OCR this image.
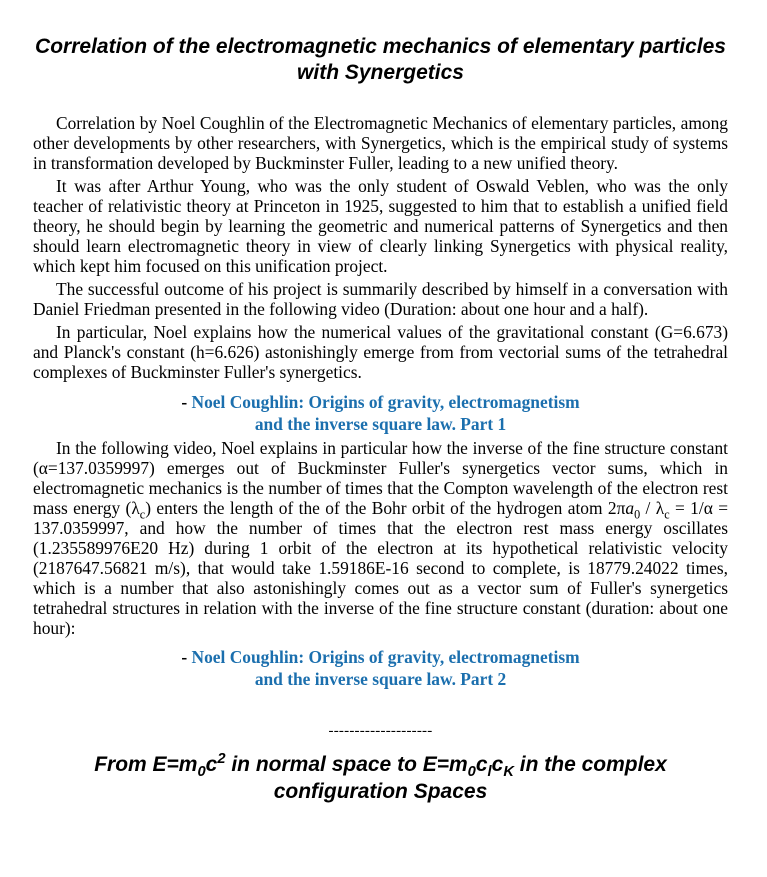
Correlation of the electromagnetic mechanics of elementary particles with Synergetics

Correlation by Noel Coughlin of the Electromagnetic Mechanics of elementary particles, among other developments by other researchers, with Synergetics, which is the empirical study of systems in transformation developed by Buckminster Fuller, leading to a new unified theory.

It was after Arthur Young, who was the only student of Oswald Veblen, who was the only teacher of relativistic theory at Princeton in 1925, suggested to him that to establish a unified field theory, he should begin by learning the geometric and numerical patterns of Synergetics and then should learn electromagnetic theory in view of clearly linking Synergetics with physical reality, which kept him focused on this unification project.

The successful outcome of his project is summarily described by himself in a conversation with Daniel Friedman presented in the following video (Duration: about one hour and a half).

In particular, Noel explains how the numerical values of the gravitational constant (G=6.673) and Planck's constant (h=6.626) astonishingly emerge from from vectorial sums of the tetrahedral complexes of Buckminster Fuller's synergetics.

- Noel Coughlin: Origins of gravity, electromagnetism
and the inverse square law. Part 1

In the following video, Noel explains in particular how the inverse of the fine structure constant (α=137.0359997) emerges out of Buckminster Fuller's synergetics vector sums, which in electromagnetic mechanics is the number of times that the Compton wavelength of the electron rest mass energy $(\lambda_c)$ enters the length of the of the Bohr orbit of the hydrogen atom $2\pi a_0 / \lambda_c = 1/\alpha = 137.0359997$, and how the number of times that the electron rest mass energy oscillates (1.235589976E20 Hz) during 1 orbit of the electron at its hypothetical relativistic velocity (2187647.56821 m/s), that would take 1.59186E-16 second to complete, is 18779.24022 times, which is a number that also astonishingly comes out as a vector sum of Fuller's synergetics tetrahedral structures in relation with the inverse of the fine structure constant (duration: about one hour):

- Noel Coughlin: Origins of gravity, electromagnetism
and the inverse square law. Part 2
--------------------
From $E=m_0c^2$ in normal space to $E=m_0c_lc_K$ in the complex configuration Spaces
